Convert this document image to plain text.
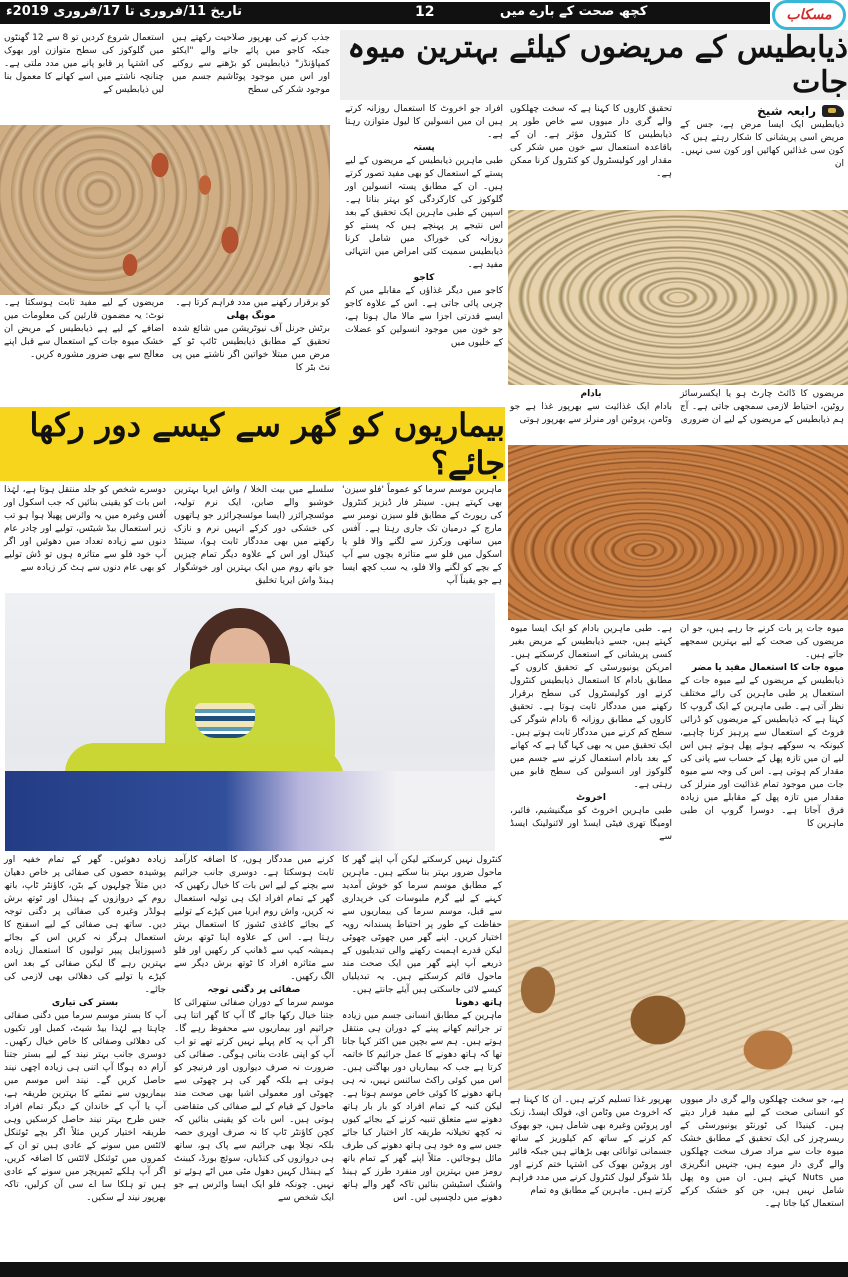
تاریخ 11/فروری تا 17/فروری 2019ء	12	کچھ صحت کے بارے میں	مسکاب
ذیابطیس کے مریضوں کیلئے بہترین میوہ جات
جذب کرنے کی بھرپور صلاحیت رکھتے ہیں جبکہ کاجو میں پائے جانے والے "ایکٹو کمپاؤنڈز" ذیابطیس کو بڑھنے سے روکنے اور اس میں موجود پوٹاشیم جسم میں موجود شکر کی سطح
استعمال شروع کردیں تو 8 سے 12 گھنٹوں میں گلوکوز کی سطح متوازن اور بھوک کی اشتہا پر قابو پانے میں مدد ملتی ہے۔ چنانچہ ناشتے میں اسے کھانے کا معمول بنا لیں ذیابطیس کے
کو برقرار رکھنے میں مدد فراہم کرتا ہے۔
مونگ پھلی
برٹش جرنل آف نیوٹریشن میں شائع شدہ تحقیق کے مطابق ذیابطیس ٹائپ ٹو کے مرض میں مبتلا خواتین اگر ناشتے میں پی نٹ بٹر کا
مریضوں کے لیے مفید ثابت ہوسکتا ہے۔ نوٹ: یہ مضمون قارئین کی معلومات میں اضافے کے لیے ہے ذیابطیس کے مریض ان خشک میوہ جات کے استعمال سے قبل اپنے معالج سے بھی ضرور مشورہ کریں۔
افراد جو اخروٹ کا استعمال روزانہ کرتے ہیں ان میں انسولین کا لیول متوازن رہتا ہے۔
پستہ
طبی ماہرین ذیابطیس کے مریضوں کے لیے پستے کے استعمال کو بھی مفید تصور کرتے ہیں۔ ان کے مطابق پستہ انسولین اور گلوکوز کی کارکردگی کو بہتر بناتا ہے۔ اسپین کے طبی ماہرین ایک تحقیق کے بعد اس نتیجے پر پہنچے ہیں کہ پستے کو روزانہ کی خوراک میں شامل کرنا ذیابطیس سمیت کئی امراض میں انتہائی مفید ہے۔
کاجو
کاجو میں دیگر غذاؤں کے مقابلے میں کم چربی پائی جاتی ہے۔ اس کے علاوہ کاجو ایسے قدرتی اجزا سے مالا مال ہوتا ہے، جو خون میں موجود انسولین کو عضلات کے خلیوں میں
رابعہ شیخ
ذیابطیس ایک ایسا مرض ہے، جس کے مریض اسی پریشانی کا شکار رہتے ہیں کہ کون سی غذائیں کھائیں اور کون سی نہیں۔ ان
تحقیق کاروں کا کہنا ہے کہ سخت چھلکوں والے گری دار میووں سے خاص طور پر ذیابطیس کا کنٹرول مؤثر ہے۔ ان کے باقاعدہ استعمال سے خون میں شکر کی مقدار اور کولیسٹرول کو کنٹرول کرنا ممکن ہے۔
مریضوں کا ڈائٹ چارٹ ہو یا ایکسرسائز روٹین، احتیاط لازمی سمجھی جاتی ہے۔ آج ہم ذیابطیس کے مریضوں کے لیے ان ضروری
بادام
بادام ایک غذائیت سے بھرپور غذا ہے جو وٹامن، پروٹین اور منرلز سے بھرپور ہوتی
میوہ جات پر بات کرنے جا رہے ہیں، جو ان مریضوں کی صحت کے لیے بہترین سمجھے جاتے ہیں۔
میوہ جات کا استعمال مفید یا مضر
ذیابطیس کے مریضوں کے لیے میوہ جات کے استعمال پر طبی ماہرین کی رائے مختلف نظر آتی ہے۔ طبی ماہرین کے ایک گروپ کا کہنا ہے کہ ذیابطیس کے مریضوں کو ڈرائی فروٹ کے استعمال سے پرہیز کرنا چاہیے، کیونکہ یہ سوکھے ہوئے پھل ہوتے ہیں اس لیے ان میں تازہ پھل کے حساب سے پانی کی مقدار کم ہوتی ہے۔ اس کی وجہ سے میوہ جات میں موجود تمام غذائیت اور منرلز کی مقدار میں تازہ پھل کے مقابلے میں زیادہ فرق آجاتا ہے۔ دوسرا گروپ ان طبی ماہرین کا
ہے۔ طبی ماہرین بادام کو ایک ایسا میوہ کہتے ہیں، جسے ذیابطیس کے مریض بغیر کسی پریشانی کے استعمال کرسکتے ہیں۔ امریکن یونیورسٹی کے تحقیق کاروں کے مطابق بادام کا استعمال ذیابطیس کنٹرول کرنے اور کولیسٹرول کی سطح برقرار رکھنے میں مددگار ثابت ہوتا ہے۔ تحقیق کاروں کے مطابق روزانہ 6 بادام شوگر کی سطح کم کرنے میں مددگار ثابت ہوتے ہیں۔ ایک تحقیق میں یہ بھی کہا گیا ہے کہ کھانے کے بعد بادام استعمال کرنے سے جسم میں گلوکوز اور انسولین کی سطح قابو میں رہتی ہے۔
اخروٹ
طبی ماہرین اخروٹ کو میگنیشیم، فائبر، اومیگا تھری فیٹی ایسڈ اور لائنولینک ایسڈ سے
ہے، جو سخت چھلکوں والے گری دار میووں کو انسانی صحت کے لیے مفید قرار دیتے ہیں۔ کینیڈا کی ٹورنٹو یونیورسٹی کے ریسرچرز کی ایک تحقیق کے مطابق خشک میوہ جات سے مراد صرف سخت چھلکوں والے گری دار میوے ہیں، جنہیں انگریزی میں Nuts کہتے ہیں۔ ان میں وہ پھل شامل نہیں ہیں، جن کو خشک کرکے استعمال کیا جاتا ہے۔
بھرپور غذا تسلیم کرتے ہیں۔ ان کا کہنا ہے کہ اخروٹ میں وٹامن ای، فولک ایسڈ، زنک اور پروٹین وغیرہ بھی شامل ہیں، جو بھوک کم کرنے کے ساتھ کم کیلوریز کے ساتھ جسمانی توانائی بھی بڑھاتے ہیں جبکہ فائبر اور پروٹین بھوک کی اشتہا ختم کرنے اور بلڈ شوگر لیول کنٹرول کرنے میں مدد فراہم کرتے ہیں۔ ماہرین کے مطابق وہ تمام
بیماریوں کو گھر سے کیسے دور رکھا جائے؟
ماہرین موسم سرما کو عموماً 'فلو سیزن' بھی کہتے ہیں۔ سینٹر فار ڈیزیز کنٹرول کی رپورٹ کے مطابق فلو سیزن نومبر سے مارچ کے درمیان تک جاری رہتا ہے۔ آفس میں ساتھی ورکرز سے لگنے والا فلو یا اسکول میں فلو سے متاثرہ بچوں سے آپ کے بچے کو لگنے والا فلو، یہ سب کچھ ایسا ہے جو یقیناً آپ
سلسلے میں بیت الخلا / واش ایریا بہترین خوشبو والے صابن، ایک نرم تولیہ، موئسچرائزر (ایسا موئسچرائزر جو ہاتھوں کی خشکی دور کرکے انہیں نرم و نازک رکھنے میں بھی مددگار ثابت ہو)، سینٹڈ کینڈل اور اس کے علاوہ دیگر تمام چیزیں جو باتھ روم میں ایک بہترین اور خوشگوار ہینڈ واش ایریا تخلیق
دوسرے شخص کو جلد منتقل ہوتا ہے، لہٰذا اس بات کو یقینی بنائیں کہ جب اسکول اور آفس وغیرہ میں یہ وائرس پھیلا ہوا ہو تب زیر استعمال بیڈ شیٹس، تولیے اور چادر عام دنوں سے زیادہ تعداد میں دھوئیں اور اگر آپ خود فلو سے متاثرہ ہوں تو ڈش تولیے کو بھی عام دنوں سے ہٹ کر زیادہ سے
کنٹرول نہیں کرسکتے لیکن آپ اپنے گھر کا ماحول ضرور بہتر بنا سکتے ہیں۔ ماہرین کے مطابق موسم سرما کو خوش آمدید کہنے کے لیے گرم ملبوسات کی خریداری سے قبل، موسم سرما کی بیماریوں سے حفاظت کے طور پر احتیاط پسندانہ رویہ اختیار کریں۔ اپنے گھر میں چھوٹی چھوٹی لیکن قدرے اہمیت رکھنے والی تبدیلیوں کے ذریعے آپ اپنے گھر میں ایک صحت مند ماحول قائم کرسکتے ہیں۔ یہ تبدیلیاں کیسے لائی جاسکتی ہیں آیئے جانتے ہیں۔
ہاتھ دھونا
ماہرین کے مطابق انسانی جسم میں زیادہ تر جراثیم کھانے پینے کے دوران ہی منتقل ہوتے ہیں۔ ہم سے بچپن میں اکثر کہا جاتا تھا کہ ہاتھ دھونے کا عمل جراثیم کا خاتمہ کرتا ہے جب کہ بیماریاں دور بھاگتی ہیں۔ اس میں کوئی راکٹ سائنس نہیں، نہ ہی ہاتھ دھونے کا کوئی خاص موسم ہوتا ہے۔ لیکن کنبہ کے تمام افراد کو بار بار ہاتھ دھونے سے متعلق تنبیہ کرنے کے بجائے کیوں نہ کچھ تخیلانہ طریقہ کار اختیار کیا جائے جس سے وہ خود ہی ہاتھ دھونے کی طرف مائل ہوجائیں۔ مثلاً اپنے گھر کے تمام باتھ رومز میں بہترین اور منفرد طرز کے ہینڈ واشنگ اسٹیشن بنائیں تاکہ گھر والے ہاتھ دھونے میں دلچسپی لیں۔ اس
کرنے میں مددگار ہوں، کا اضافہ کارآمد ثابت ہوسکتا ہے۔ دوسری جانب جراثیم سے بچنے کے لیے اس بات کا خیال رکھیں کہ گھر کے تمام افراد ایک ہی تولیہ استعمال نہ کریں، واش روم ایریا میں کپڑے کے تولیے کے بجائے کاغذی ٹشوز کا استعمال بہتر رہتا ہے۔ اس کے علاوہ اپنا ٹوتھ برش ہمیشہ کیپ سے ڈھانپ کر رکھیں اور فلو سے متاثرہ افراد کا ٹوتھ برش دیگر سے الگ رکھیں۔
صفائی پر دگنی توجہ
موسم سرما کے دوران صفائی ستھرائی کا جتنا خیال رکھا جائے گا آپ کا گھر اتنا ہی جراثیم اور بیماریوں سے محفوظ رہے گا۔ اگر آپ یہ کام پہلے نہیں کرتے تھے تو اب آپ کو اپنی عادت بنانی ہوگی۔ صفائی کی ضرورت نہ صرف دیواروں اور فرنیچر کو ہوتی ہے بلکہ گھر کی ہر چھوٹی سے چھوٹی اور معمولی اشیا بھی صحت مند ماحول کے قیام کے لیے صفائی کی متقاضی ہوتی ہیں۔ اس بات کو یقینی بنائیں کہ کچن کاؤنٹر ٹاپ کا نہ صرف اوپری حصہ بلکہ نچلا بھی جراثیم سے پاک ہو، ساتھ ہی دروازوں کی کنڈیاں، سوئچ بورڈ، کیبنٹ کے ہینڈل کہیں دھول مٹی میں اٹے ہوئے تو نہیں۔ چونکہ فلو ایک ایسا وائرس ہے جو ایک شخص سے
زیادہ دھوئیں۔ گھر کے تمام خفیہ اور پوشیدہ حصوں کی صفائی پر خاص دھیان دیں مثلاً چولہوں کے بٹن، کاؤنٹر ٹاپ، باتھ روم کے دروازوں کے ہینڈل اور ٹوتھ برش ہولڈر وغیرہ کی صفائی پر دگنی توجہ دیں۔ ساتھ ہی صفائی کے لیے اسفنج کا استعمال ہرگز نہ کریں اس کے بجائے ڈسپوزایبل پیپر تولیوں کا استعمال زیادہ بہترین رہے گا لیکن صفائی کے بعد اس کپڑے یا تولیے کی دھلائی بھی لازمی کی جائے۔
بستر کی تیاری
آپ کا بستر موسم سرما میں دگنی صفائی چاہتا ہے لہٰذا بیڈ شیٹ، کمبل اور تکیوں کی دھلائی وصفائی کا خاص خیال رکھیں۔ دوسری جانب بہتر نیند کے لیے بستر جتنا آرام دہ ہوگا آپ اتنی ہی زیادہ اچھی نیند حاصل کریں گے۔ نیند اس موسم میں بیماریوں سے نمٹنے کا بہترین طریقہ ہے، آپ یا آپ کے خاندان کے دیگر تمام افراد جس طرح بہتر نیند حاصل کرسکیں وہی طریقہ اختیار کریں مثلاً اگر بچے ٹوئنکل لائٹس میں سونے کے عادی ہیں تو ان کے کمروں میں ٹوئنکل لائٹس کا اضافہ کریں، اگر آپ ہلکے ٹمپریچر میں سونے کے عادی ہیں تو ہلکا سا اے سی آن کرلیں، تاکہ بھرپور نیند لے سکیں۔
